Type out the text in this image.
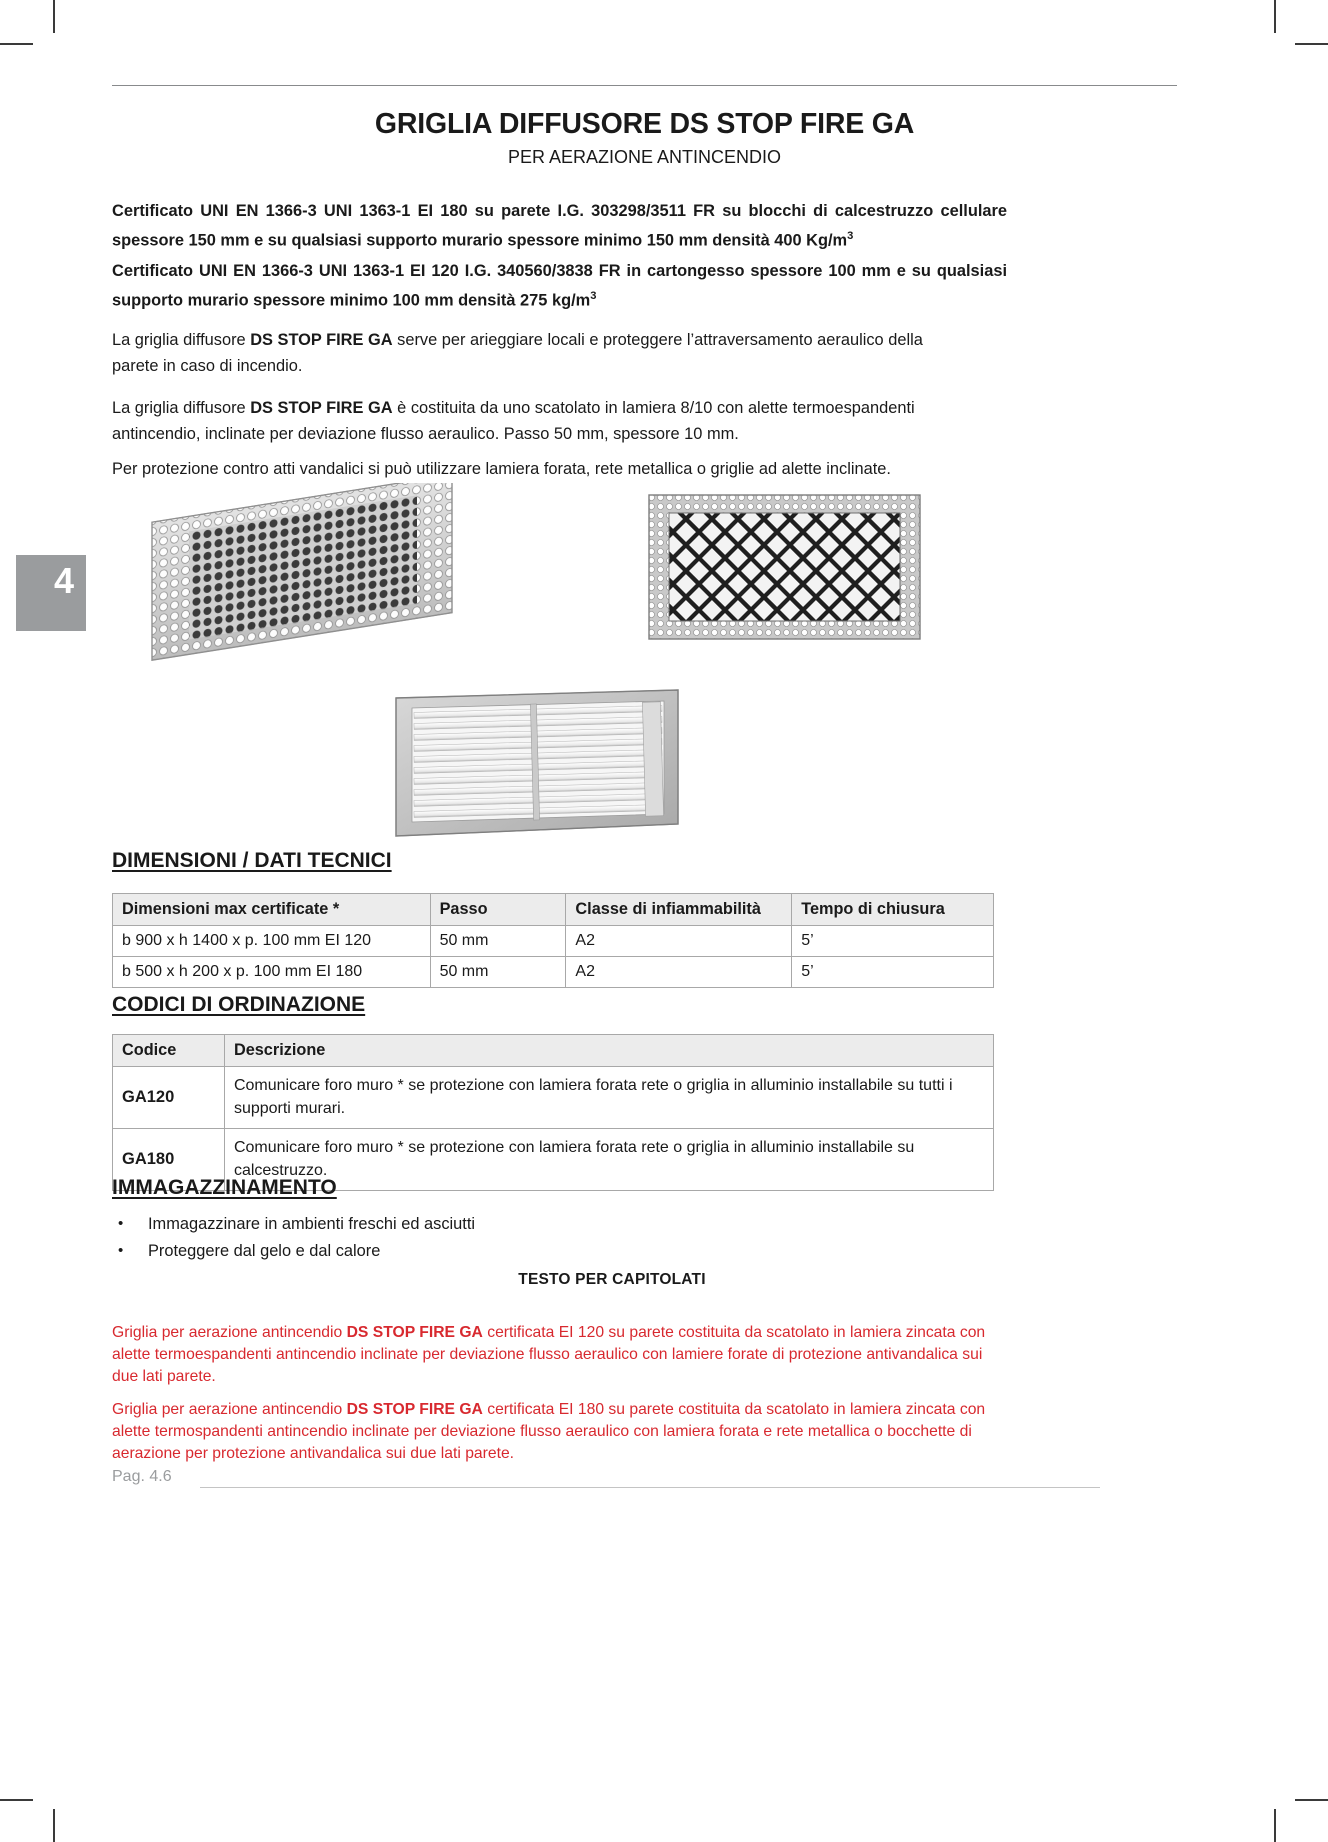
4
GRIGLIA DIFFUSORE DS STOP FIRE GA
PER AERAZIONE ANTINCENDIO

Certificato UNI EN 1366-3 UNI 1363-1 EI 180 su parete I.G. 303298/3511 FR su blocchi di calcestruzzo cellulare spessore 150 mm e su qualsiasi supporto murario spessore minimo 150 mm densità 400 $Kg/m^3$

Certificato UNI EN 1366-3 UNI 1363-1 EI 120 I.G. 340560/3838 FR in cartongesso spessore 100 mm e su qualsiasi supporto murario spessore minimo 100 mm densità 275 $kg/m^3$

La griglia diffusore DS STOP FIRE GA serve per arieggiare locali e proteggere l’attraversamento aeraulico della parete in caso di incendio.

La griglia diffusore DS STOP FIRE GA è costituita da uno scatolato in lamiera 8/10 con alette termoespandenti antincendio, inclinate per deviazione flusso aeraulico. Passo 50 mm, spessore 10 mm.

Per protezione contro atti vandalici si può utilizzare lamiera forata, rete metallica o griglie ad alette inclinate.

DIMENSIONI / DATI TECNICI
Dimensioni max certificate *	Passo	Classe di infiammabilità	Tempo di chiusura
b 900 x h 1400 x p. 100 mm EI 120	50 mm	A2	5’
b 500 x h 200 x p. 100 mm EI 180	50 mm	A2	5’
CODICI DI ORDINAZIONE
Codice	Descrizione
GA120	Comunicare foro muro * se protezione con lamiera forata rete o griglia in alluminio installabile su tutti i supporti murari.
GA180	Comunicare foro muro * se protezione con lamiera forata rete o griglia in alluminio installabile su calcestruzzo.
IMMAGAZZINAMENTO
• Immagazzinare in ambienti freschi ed asciutti
• Proteggere dal gelo e dal calore
TESTO PER CAPITOLATI

Griglia per aerazione antincendio DS STOP FIRE GA certificata EI 120 su parete costituita da scatolato in lamiera zincata con alette termoespandenti antincendio inclinate per deviazione flusso aeraulico con lamiere forate di protezione antivandalica sui due lati parete.

Griglia per aerazione antincendio DS STOP FIRE GA certificata EI 180 su parete costituita da scatolato in lamiera zincata con alette termospandenti antincendio inclinate per deviazione flusso aeraulico con lamiera forata e rete metallica o bocchette di aerazione per protezione antivandalica sui due lati parete.

Pag. 4.6
